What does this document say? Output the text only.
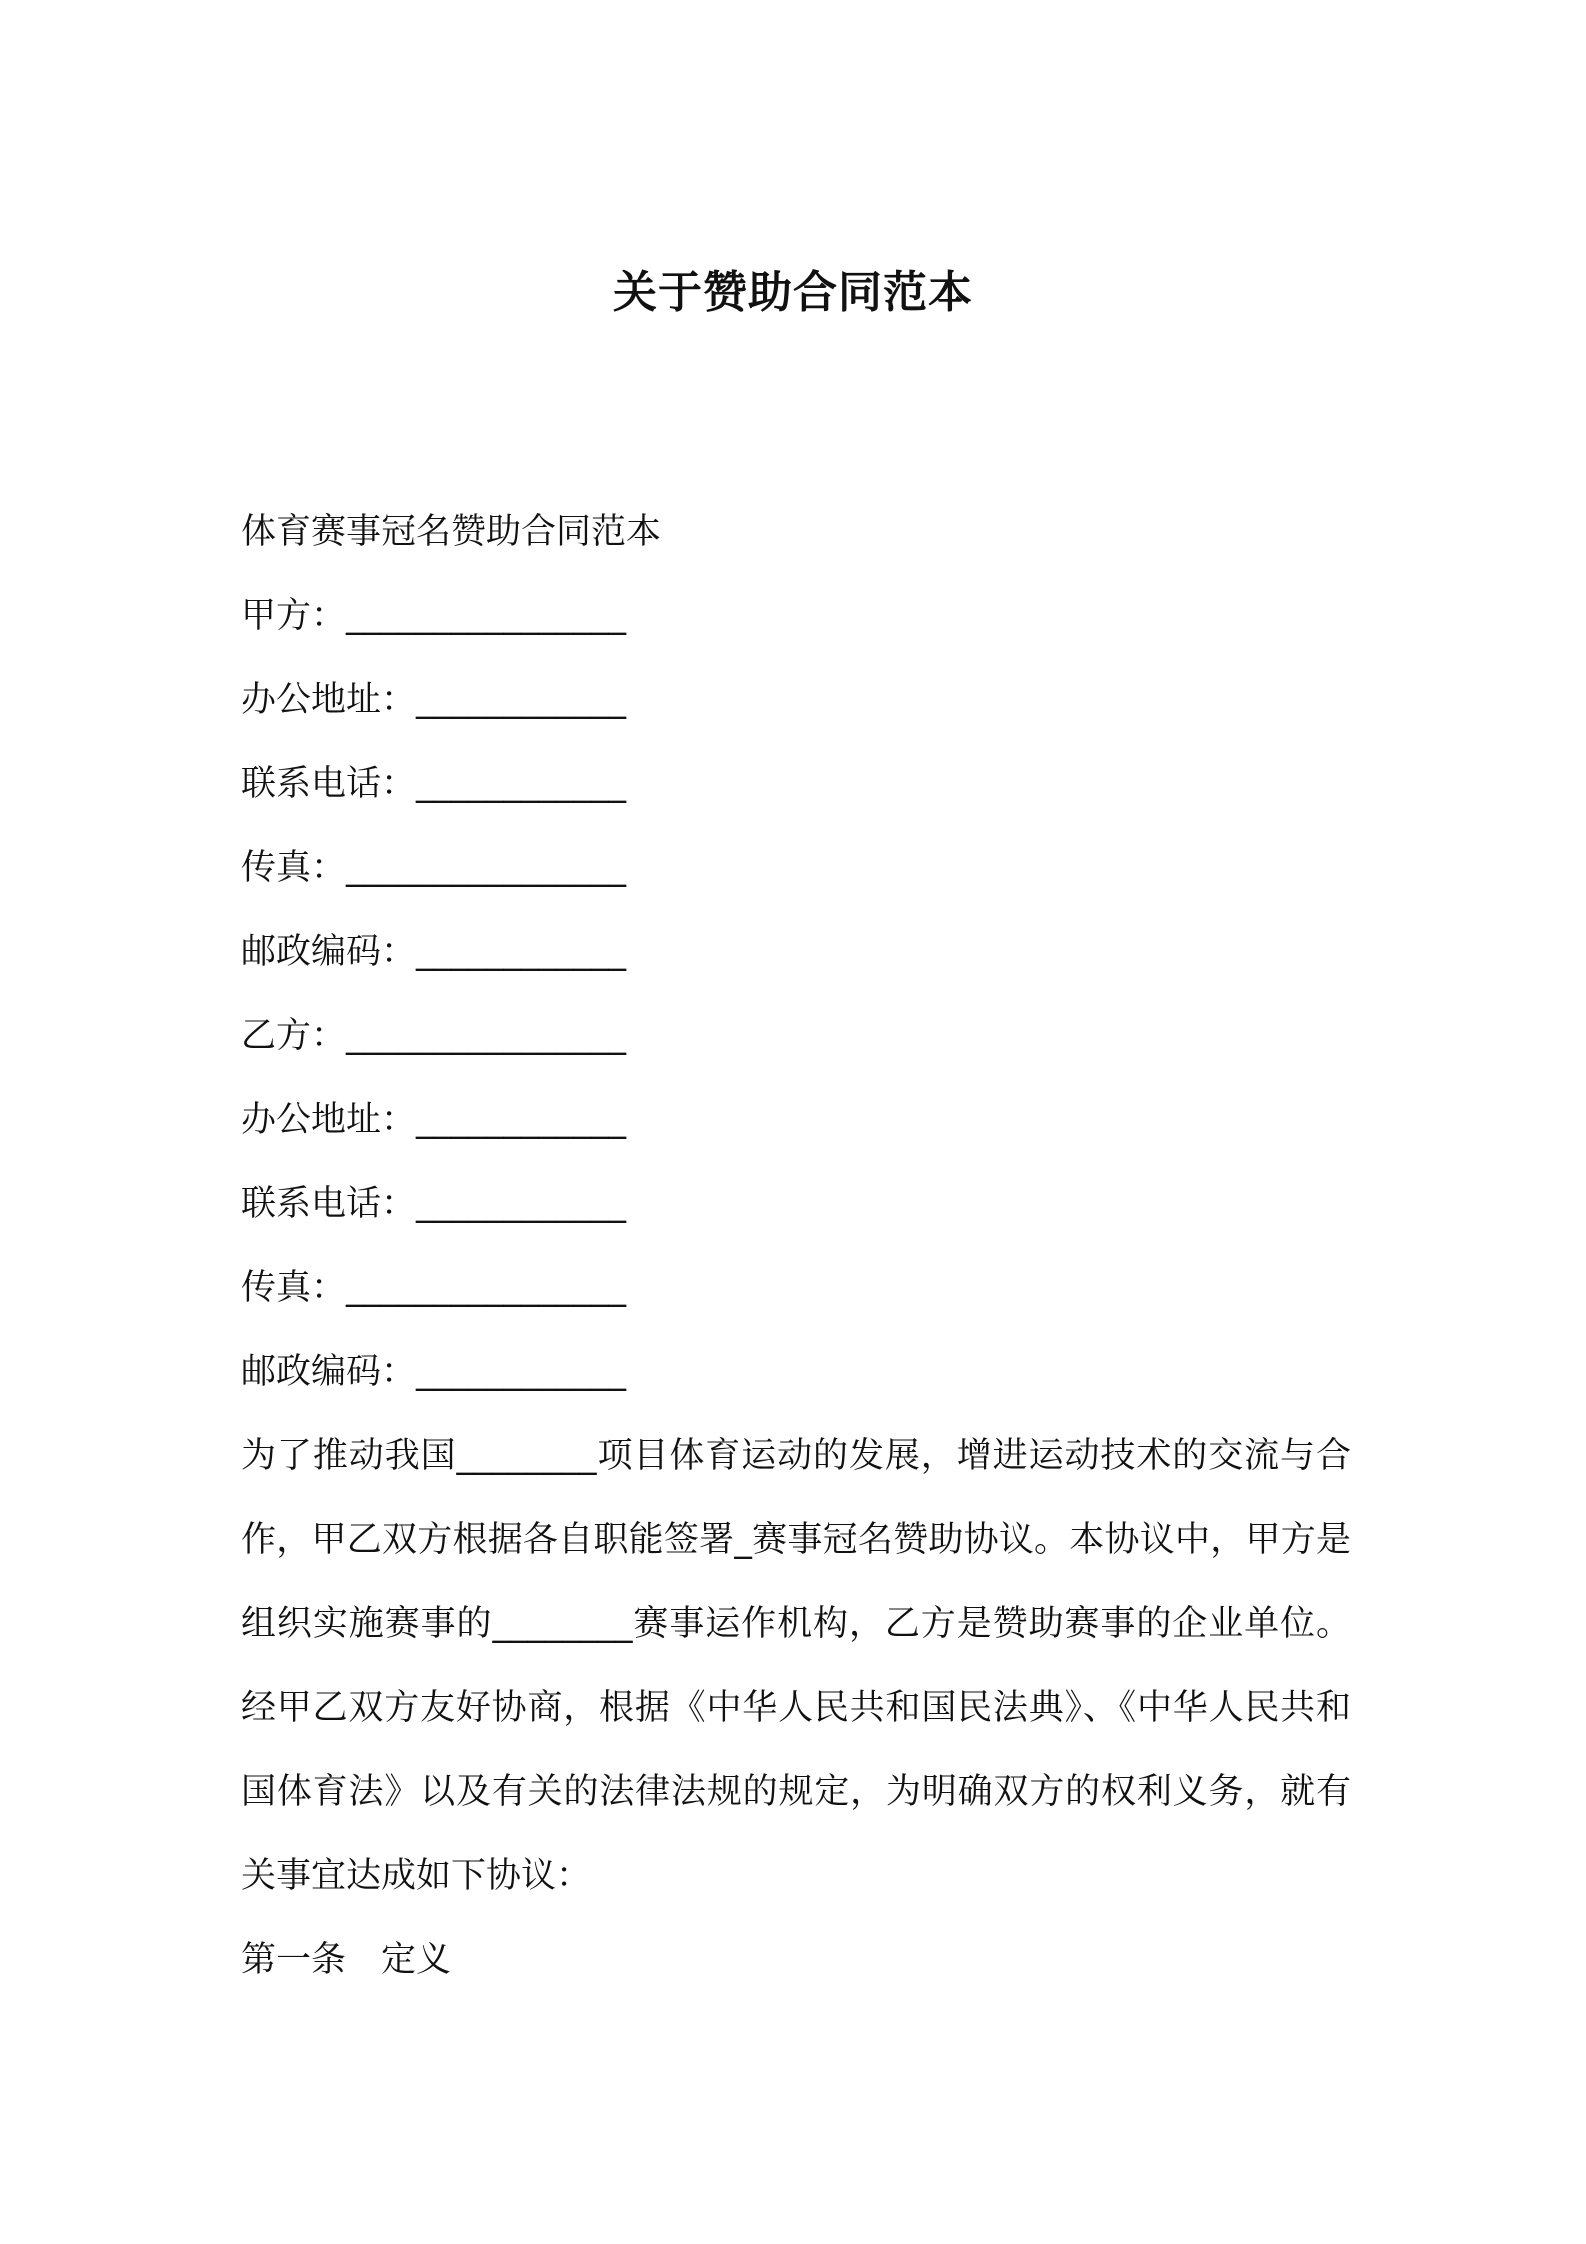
关于赞助合同范本
体育赛事冠名赞助合同范本
甲方：________________
办公地址：____________
联系电话：____________
传真：________________
邮政编码：____________
乙方：________________
办公地址：____________
联系电话：____________
传真：________________
邮政编码：____________
为了推动我国________项目体育运动的发展，增进运动技术的交流与合作，甲乙双方根据各自职能签署_赛事冠名赞助协议。本协议中，甲方是组织实施赛事的________赛事运作机构，乙方是赞助赛事的企业单位。经甲乙双方友好协商，根据《中华人民共和国民法典》、《中华人民共和国体育法》以及有关的法律法规的规定，为明确双方的权利义务，就有关事宜达成如下协议：
第一条　定义
